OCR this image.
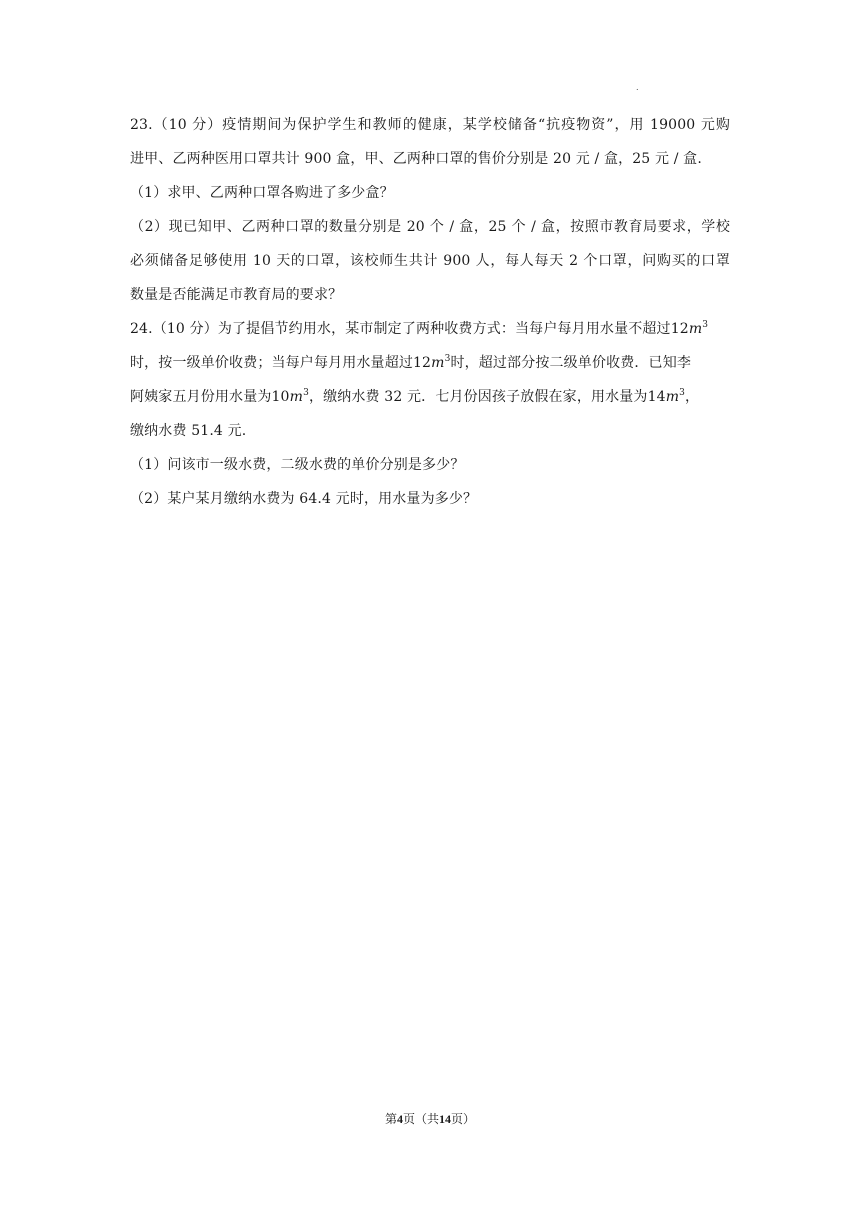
.
23.（10 分）疫情期间为保护学生和教师的健康，某学校储备“抗疫物资”，用 19000 元购
进甲、乙两种医用口罩共计 900 盒，甲、乙两种口罩的售价分别是 20 元 / 盒，25 元 / 盒.
（1）求甲、乙两种口罩各购进了多少盒？
（2）现已知甲、乙两种口罩的数量分别是 20 个 / 盒，25 个 / 盒，按照市教育局要求，学校
必须储备足够使用 10 天的口罩，该校师生共计 900 人，每人每天 2 个口罩，问购买的口罩
数量是否能满足市教育局的要求？
24.（10 分）为了提倡节约用水，某市制定了两种收费方式：当每户每月用水量不超过$12m^3$
时，按一级单价收费；当每户每月用水量超过$12m^3$时，超过部分按二级单价收费．已知李
阿姨家五月份用水量为$10m^3$，缴纳水费 32 元．七月份因孩子放假在家，用水量为$14m^3$，
缴纳水费 51.4 元.
（1）问该市一级水费，二级水费的单价分别是多少？
（2）某户某月缴纳水费为 64.4 元时，用水量为多少？
第4页（共14页）
